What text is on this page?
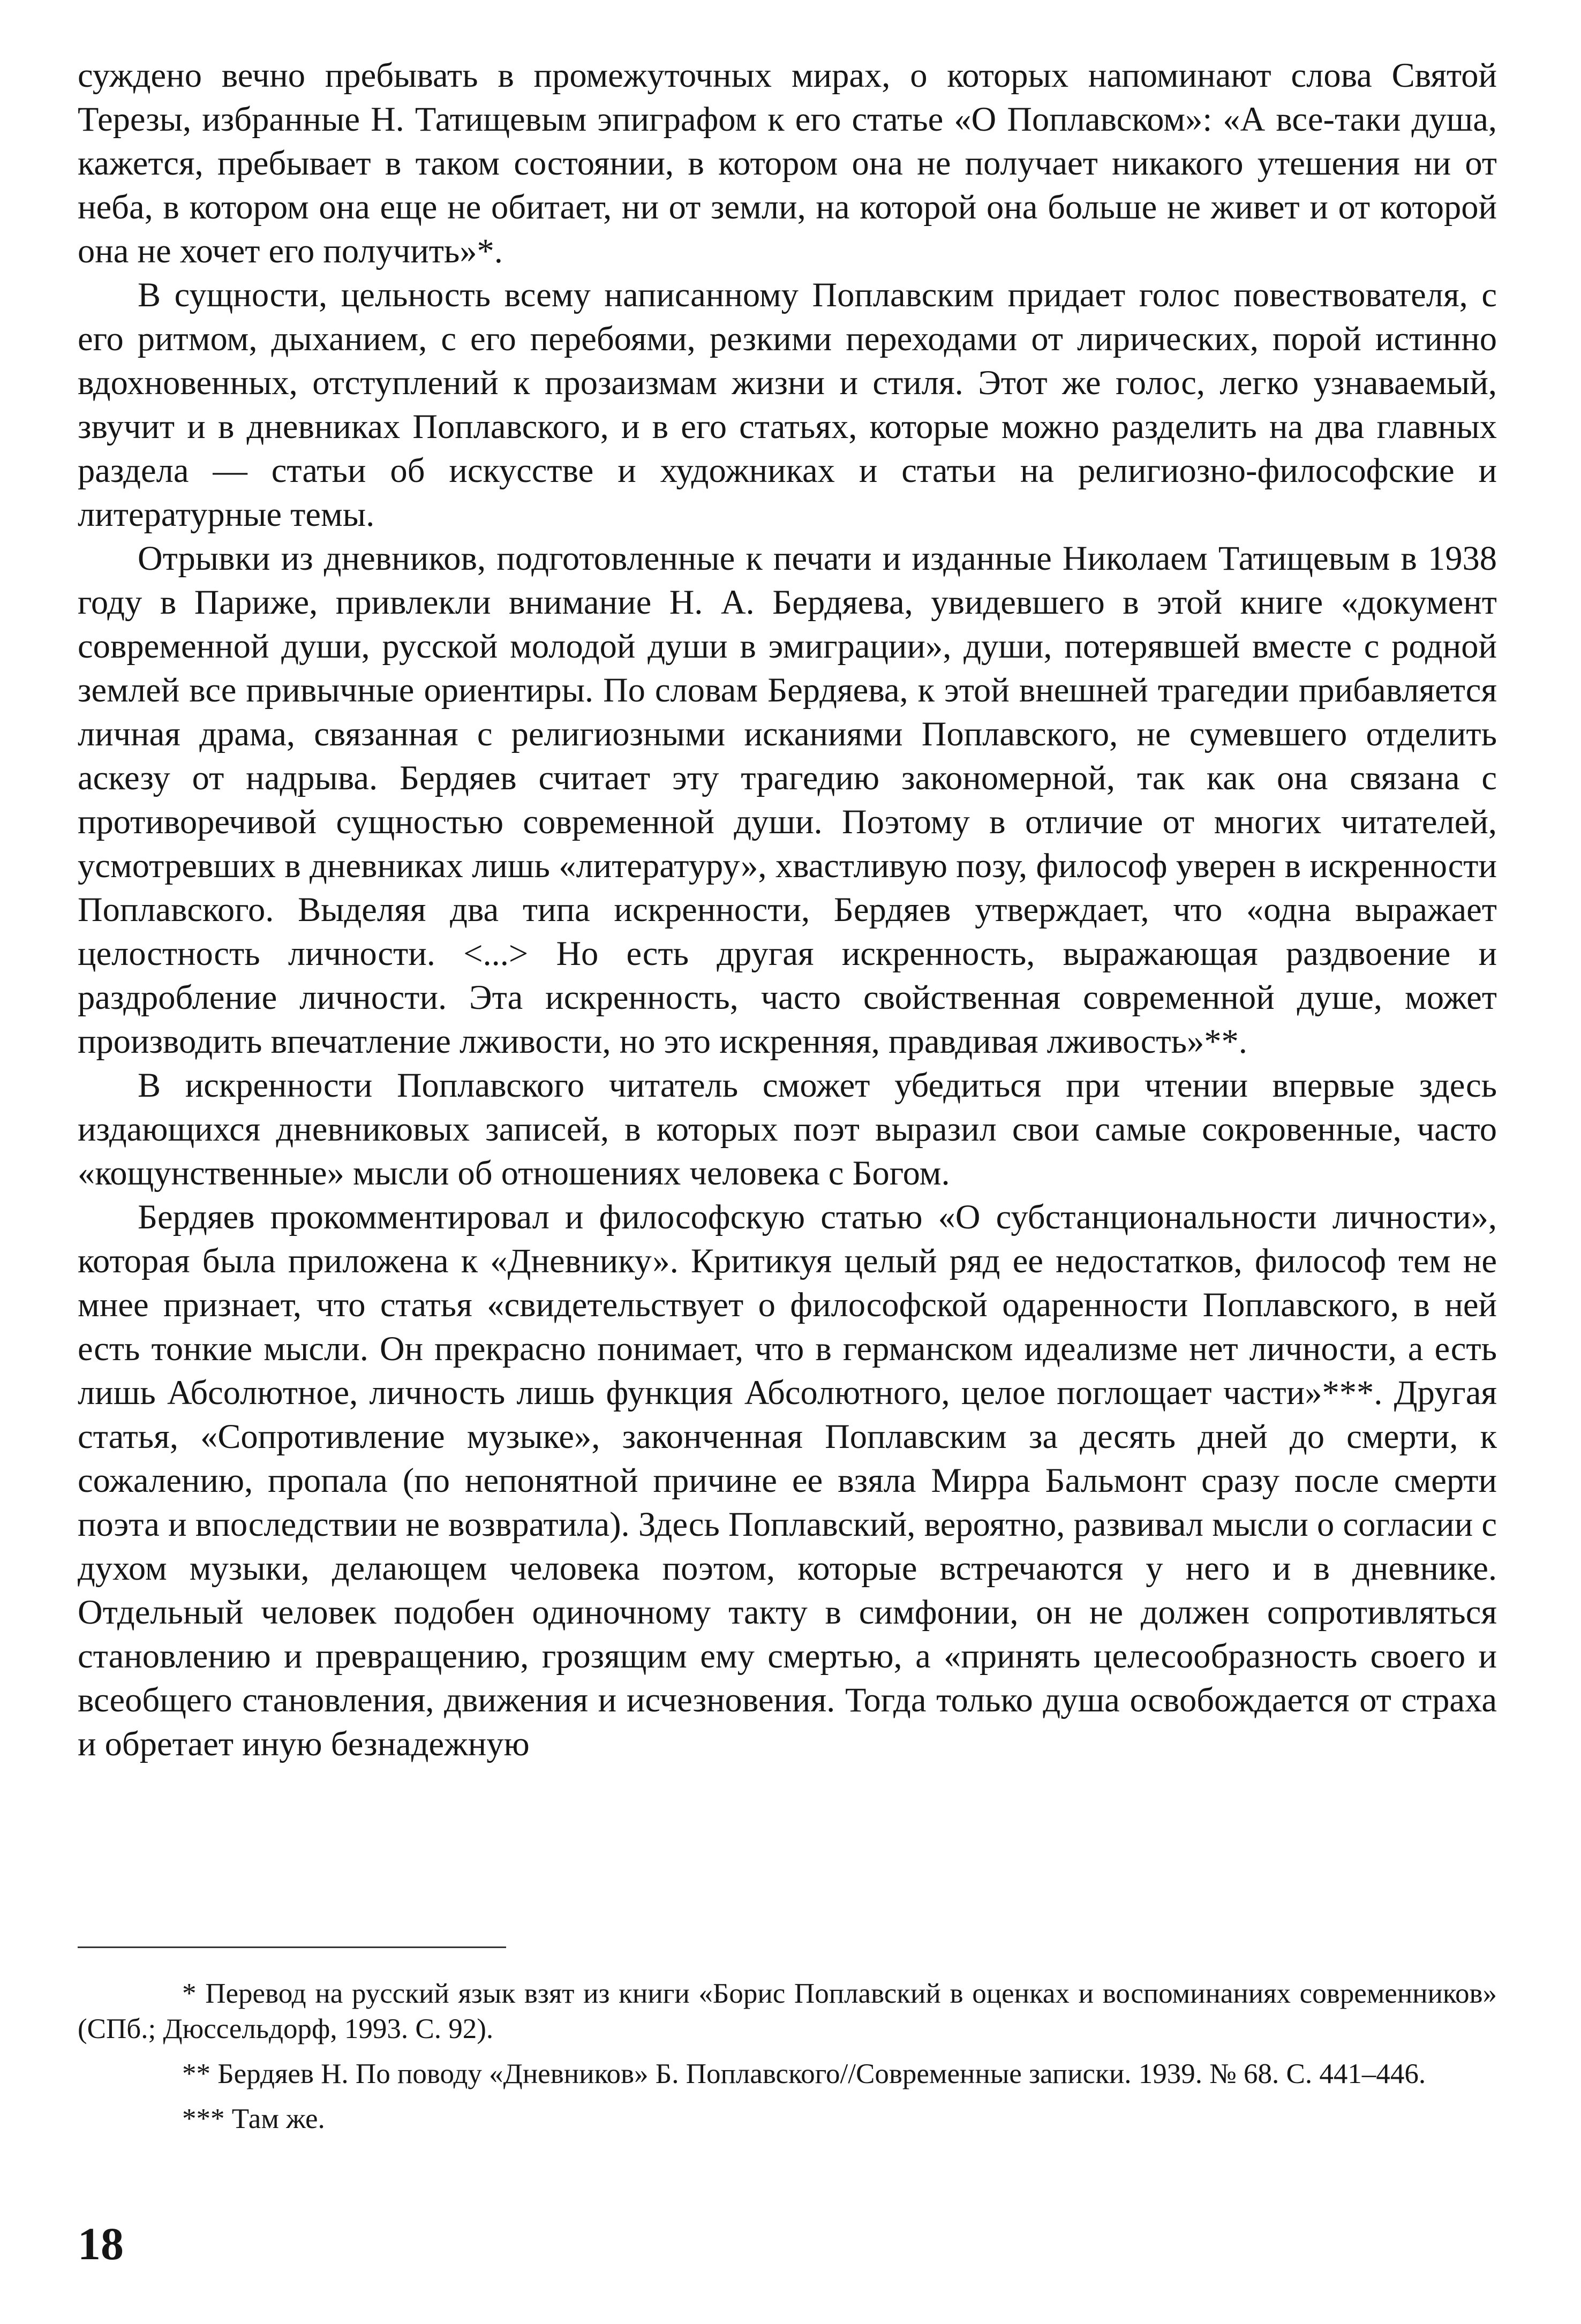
суждено вечно пребывать в промежуточных мирах, о которых напоминают слова Святой Терезы, избранные Н. Татищевым эпиграфом к его статье «О Поплавском»: «А все-таки душа, кажется, пребывает в таком состоянии, в котором она не получает никакого утешения ни от неба, в котором она еще не обитает, ни от земли, на которой она больше не живет и от которой она не хочет его получить»*.

В сущности, цельность всему написанному Поплавским придает голос повествователя, с его ритмом, дыханием, с его перебоями, резкими переходами от лирических, порой истинно вдохновенных, отступлений к прозаизмам жизни и стиля. Этот же голос, легко узнаваемый, звучит и в дневниках Поплавского, и в его статьях, которые можно разделить на два главных раздела — статьи об искусстве и художниках и статьи на религиозно-философские и литературные темы.

Отрывки из дневников, подготовленные к печати и изданные Николаем Татищевым в 1938 году в Париже, привлекли внимание Н. А. Бердяева, увидевшего в этой книге «документ современной души, русской молодой души в эмиграции», души, потерявшей вместе с родной землей все привычные ориентиры. По словам Бердяева, к этой внешней трагедии прибавляется личная драма, связанная с религиозными исканиями Поплавского, не сумевшего отделить аскезу от надрыва. Бердяев считает эту трагедию закономерной, так как она связана с противоречивой сущностью современной души. Поэтому в отличие от многих читателей, усмотревших в дневниках лишь «литературу», хвастливую позу, философ уверен в искренности Поплавского. Выделяя два типа искренности, Бердяев утверждает, что «одна выражает целостность личности. <...> Но есть другая искренность, выражающая раздвоение и раздробление личности. Эта искренность, часто свойственная современной душе, может производить впечатление лживости, но это искренняя, правдивая лживость»**.

В искренности Поплавского читатель сможет убедиться при чтении впервые здесь издающихся дневниковых записей, в которых поэт выразил свои самые сокровенные, часто «кощунственные» мысли об отношениях человека с Богом.

Бердяев прокомментировал и философскую статью «О субстанциональности личности», которая была приложена к «Дневнику». Критикуя целый ряд ее недостатков, философ тем не мнее признает, что статья «свидетельствует о философской одаренности Поплавского, в ней есть тонкие мысли. Он прекрасно понимает, что в германском идеализме нет личности, а есть лишь Абсолютное, личность лишь функция Абсолютного, целое поглощает части»***. Другая статья, «Сопротивление музыке», законченная Поплавским за десять дней до смерти, к сожалению, пропала (по непонятной причине ее взяла Мирра Бальмонт сразу после смерти поэта и впоследствии не возвратила). Здесь Поплавский, вероятно, развивал мысли о согласии с духом музыки, делающем человека поэтом, которые встречаются у него и в дневнике. Отдельный человек подобен одиночному такту в симфонии, он не должен сопротивляться становлению и превращению, грозящим ему смертью, а «принять целесообразность своего и всеобщего становления, движения и исчезновения. Тогда только душа освобождается от страха и обретает иную безнадежную

* Перевод на русский язык взят из книги «Борис Поплавский в оценках и воспоминаниях современников» (СПб.; Дюссельдорф, 1993. С. 92).

** Бердяев Н. По поводу «Дневников» Б. Поплавского//Современные записки. 1939. № 68. С. 441–446.

*** Там же.

18
